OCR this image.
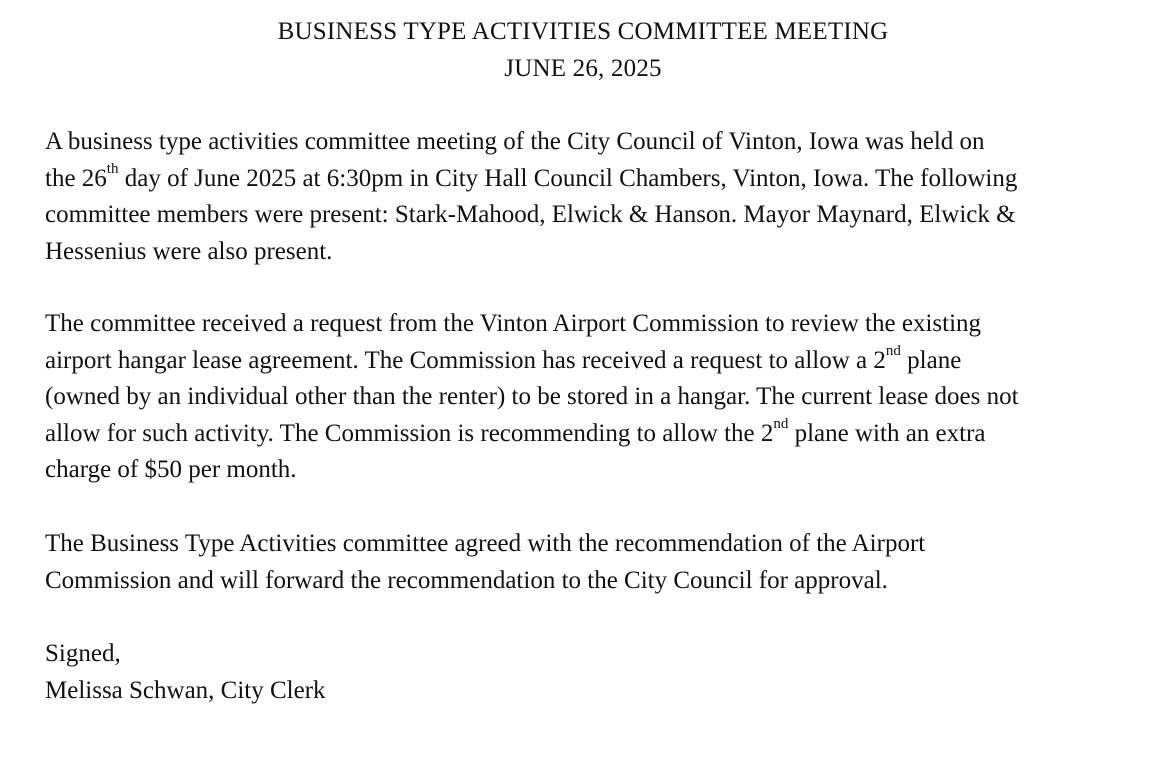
BUSINESS TYPE ACTIVITIES COMMITTEE MEETING
JUNE 26, 2025
A business type activities committee meeting of the City Council of Vinton, Iowa was held on
the 26th day of June 2025 at 6:30pm in City Hall Council Chambers, Vinton, Iowa. The following
committee members were present: Stark-Mahood, Elwick & Hanson. Mayor Maynard, Elwick &
Hessenius were also present.
The committee received a request from the Vinton Airport Commission to review the existing
airport hangar lease agreement. The Commission has received a request to allow a 2nd plane
(owned by an individual other than the renter) to be stored in a hangar. The current lease does not
allow for such activity. The Commission is recommending to allow the 2nd plane with an extra
charge of $50 per month.
The Business Type Activities committee agreed with the recommendation of the Airport
Commission and will forward the recommendation to the City Council for approval.
Signed,
Melissa Schwan, City Clerk
